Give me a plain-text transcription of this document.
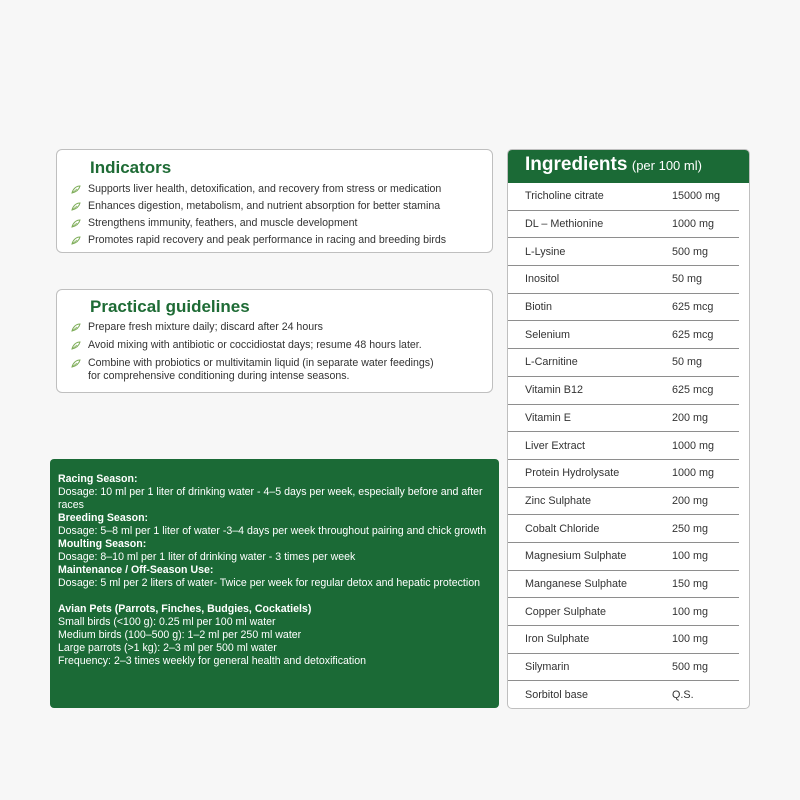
Indicators
Supports liver health, detoxification, and recovery from stress or medication
Enhances digestion, metabolism, and nutrient absorption for better stamina
Strengthens immunity, feathers, and muscle development
Promotes rapid recovery and peak performance in racing and breeding birds
Practical guidelines
Prepare fresh mixture daily; discard after 24 hours
Avoid mixing with antibiotic or coccidiostat days; resume 48 hours later.
Combine with probiotics or multivitamin liquid (in separate water feedings)
for comprehensive conditioning during intense seasons.
Racing Season:
Dosage: 10 ml per 1 liter of drinking water - 4–5 days per week, especially before and after races
Breeding Season:
Dosage: 5–8 ml per 1 liter of water -3–4 days per week throughout pairing and chick growth
Moulting Season:
Dosage: 8–10 ml per 1 liter of drinking water - 3 times per week
Maintenance / Off-Season Use:
Dosage: 5 ml per 2 liters of water- Twice per week for regular detox and hepatic protection
Avian Pets (Parrots, Finches, Budgies, Cockatiels)
Small birds (<100 g): 0.25 ml per 100 ml water
Medium birds (100–500 g): 1–2 ml per 250 ml water
Large parrots (>1 kg): 2–3 ml per 500 ml water
Frequency: 2–3 times weekly for general health and detoxification
Ingredients (per 100 ml)
Tricholine citrate	15000 mg
DL – Methionine	1000 mg
L-Lysine	500 mg
Inositol	50 mg
Biotin	625 mcg
Selenium	625 mcg
L-Carnitine	50 mg
Vitamin B12	625 mcg
Vitamin E	200 mg
Liver Extract	1000 mg
Protein Hydrolysate	1000 mg
Zinc Sulphate	200 mg
Cobalt Chloride	250 mg
Magnesium Sulphate	100 mg
Manganese Sulphate	150 mg
Copper Sulphate	100 mg
Iron Sulphate	100 mg
Silymarin	500 mg
Sorbitol base	Q.S.
